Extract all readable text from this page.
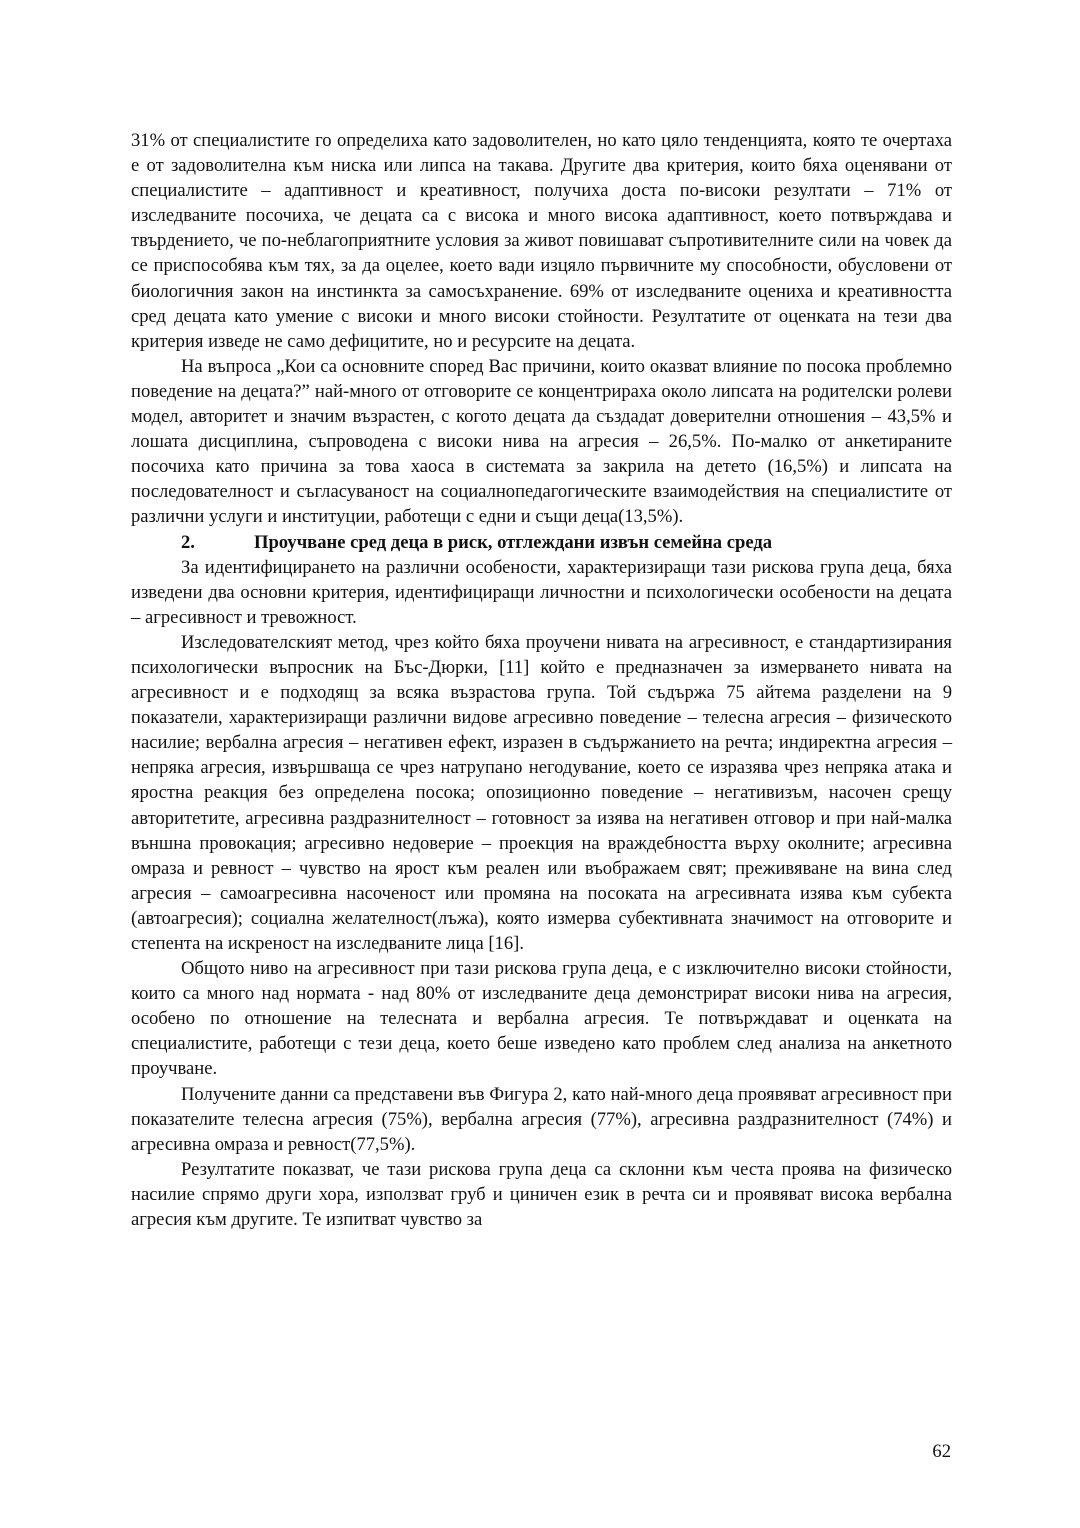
31% от специалистите го определиха като задоволителен, но като цяло тенденцията, която те очертаха е от задоволителна към ниска или липса на такава. Другите два критерия, които бяха оценявани от специалистите – адаптивност и креативност, получиха доста по-високи резултати – 71% от изследваните посочиха, че децата са с висока и много висока адаптивност, което потвърждава и твърдението, че по-неблагоприятните условия за живот повишават съпротивителните сили на човек да се приспособява към тях, за да оцелее, което вади изцяло първичните му способности, обусловени от биологичния закон на инстинкта за самосъхранение. 69% от изследваните оцениха и креативността сред децата като умение с високи и много високи стойности. Резултатите от оценката на тези два критерия изведе не само дефицитите, но и ресурсите на децата.

На въпроса „Кои са основните според Вас причини, които оказват влияние по посока проблемно поведение на децата?” най-много от отговорите се концентрираха около липсата на родителски ролеви модел, авторитет и значим възрастен, с когото децата да създадат доверителни отношения – 43,5% и лошата дисциплина, съпроводена с високи нива на агресия – 26,5%. По-малко от анкетираните посочиха като причина за това хаоса в системата за закрила на детето (16,5%) и липсата на последователност и съгласуваност на социалнопедагогическите взаимодействия на специалистите от различни услуги и институции, работещи с едни и същи деца(13,5%).

2.	Проучване сред деца в риск, отглеждани извън семейна среда

За идентифицирането на различни особености, характеризиращи тази рискова група деца, бяха изведени два основни критерия, идентифициращи личностни и психологически особености на децата – агресивност и тревожност.

Изследователският метод, чрез който бяха проучени нивата на агресивност, е стандартизирания психологически въпросник на Бъс-Дюрки, [11] който е предназначен за измерването нивата на агресивност и е подходящ за всяка възрастова група. Той съдържа 75 айтема разделени на 9 показатели, характеризиращи различни видове агресивно поведение – телесна агресия – физическото насилие; вербална агресия – негативен ефект, изразен в съдържанието на речта; индиректна агресия – непряка агресия, извършваща се чрез натрупано негодувание, което се изразява чрез непряка атака и яростна реакция без определена посока; опозиционно поведение – негативизъм, насочен срещу авторитетите, агресивна раздразнителност – готовност за изява на негативен отговор и при най-малка външна провокация; агресивно недоверие – проекция на враждебността върху околните; агресивна омраза и ревност – чувство на ярост към реален или въображаем свят; преживяване на вина след агресия – самоагресивна насоченост или промяна на посоката на агресивната изява към субекта (автоагресия); социална желателност(лъжа), която измерва субективната значимост на отговорите и степента на искреност на изследваните лица [16].

Общото ниво на агресивност при тази рискова група деца, е с изключително високи стойности, които са много над нормата - над 80% от изследваните деца демонстрират високи нива на агресия, особено по отношение на телесната и вербална агресия. Те потвърждават и оценката на специалистите, работещи с тези деца, което беше изведено като проблем след анализа на анкетното проучване.

Получените данни са представени във Фигура 2, като най-много деца проявяват агресивност при показателите телесна агресия (75%), вербална агресия (77%), агресивна раздразнителност (74%) и агресивна омраза и ревност(77,5%).

Резултатите показват, че тази рискова група деца са склонни към честа проява на физическо насилие спрямо други хора, използват груб и циничен език в речта си и проявяват висока вербална агресия към другите. Те изпитват чувство за

62
